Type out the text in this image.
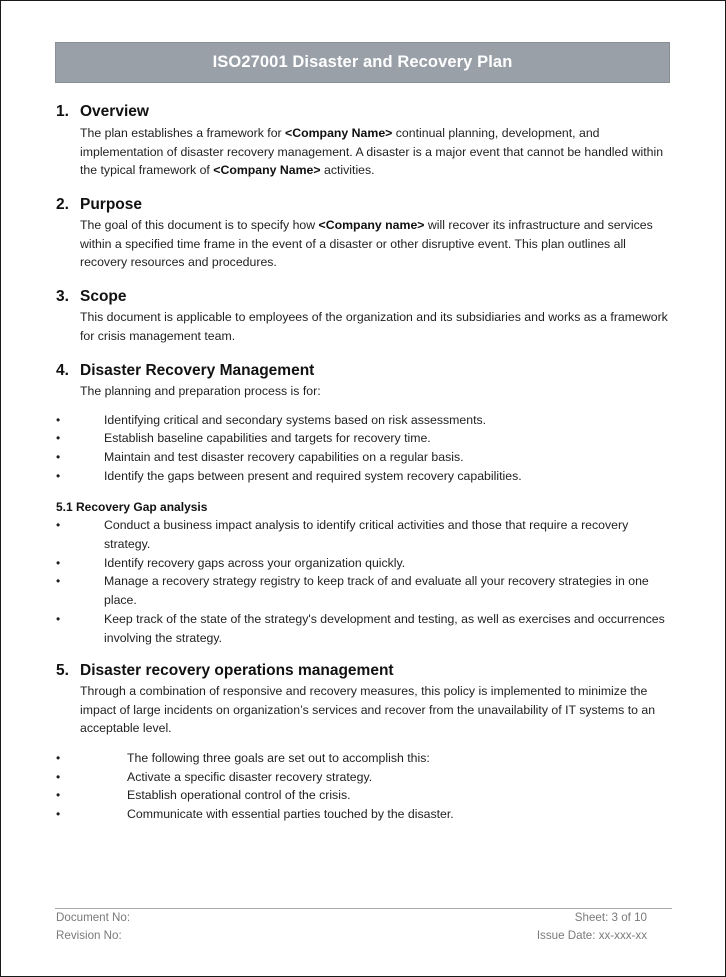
ISO27001 Disaster and Recovery Plan
1. Overview
The plan establishes a framework for <Company Name> continual planning, development, and implementation of disaster recovery management. A disaster is a major event that cannot be handled within the typical framework of <Company Name> activities.
2. Purpose
The goal of this document is to specify how <Company name> will recover its infrastructure and services within a specified time frame in the event of a disaster or other disruptive event. This plan outlines all recovery resources and procedures.
3. Scope
This document is applicable to employees of the organization and its subsidiaries and works as a framework for crisis management team.
4. Disaster Recovery Management
The planning and preparation process is for:
•	Identifying critical and secondary systems based on risk assessments.
•	Establish baseline capabilities and targets for recovery time.
•	Maintain and test disaster recovery capabilities on a regular basis.
•	Identify the gaps between present and required system recovery capabilities.
5.1 Recovery Gap analysis
•	Conduct a business impact analysis to identify critical activities and those that require a recovery strategy.
•	Identify recovery gaps across your organization quickly.
•	Manage a recovery strategy registry to keep track of and evaluate all your recovery strategies in one place.
•	Keep track of the state of the strategy's development and testing, as well as exercises and occurrences involving the strategy.
5. Disaster recovery operations management
Through a combination of responsive and recovery measures, this policy is implemented to minimize the impact of large incidents on organization’s services and recover from the unavailability of IT systems to an acceptable level.
•	The following three goals are set out to accomplish this:
•	Activate a specific disaster recovery strategy.
•	Establish operational control of the crisis.
•	Communicate with essential parties touched by the disaster.
Document No:	Sheet: 3 of 10
Revision No:	Issue Date: xx-xxx-xx
